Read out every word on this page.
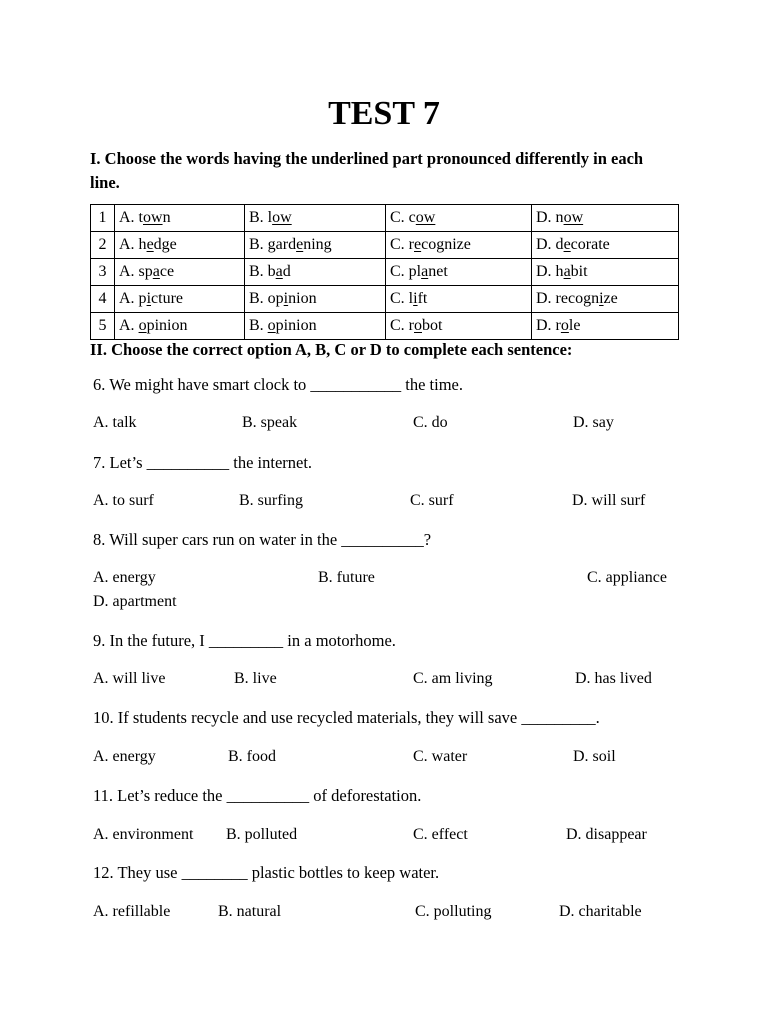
TEST 7
I. Choose the words having the underlined part pronounced differently in each line.
1	A. town	B. low	C. cow	D. now
2	A. hedge	B. gardening	C. recognize	D. decorate
3	A. space	B. bad	C. planet	D. habit
4	A. picture	B. opinion	C. lift	D. recognize
5	A. opinion	B. opinion	C. robot	D. role
II. Choose the correct option A, B, C or D to complete each sentence:
6. We might have smart clock to ___________ the time.
A. talk	B. speak	C. do	D. say
7. Let’s __________ the internet.
A. to surf	B. surfing	C. surf	D. will surf
8. Will super cars run on water in the __________?
A. energy	B. future	C. appliance
D. apartment
9. In the future, I _________ in a motorhome.
A. will live	B. live	C. am living	D. has lived
10. If students recycle and use recycled materials, they will save _________.
A. energy	B. food	C. water	D. soil
11. Let’s reduce the __________ of deforestation.
A. environment B. polluted	C. effect	D. disappear
12. They use ________ plastic bottles to keep water.
A. refillable	B. natural	C. polluting	D. charitable
